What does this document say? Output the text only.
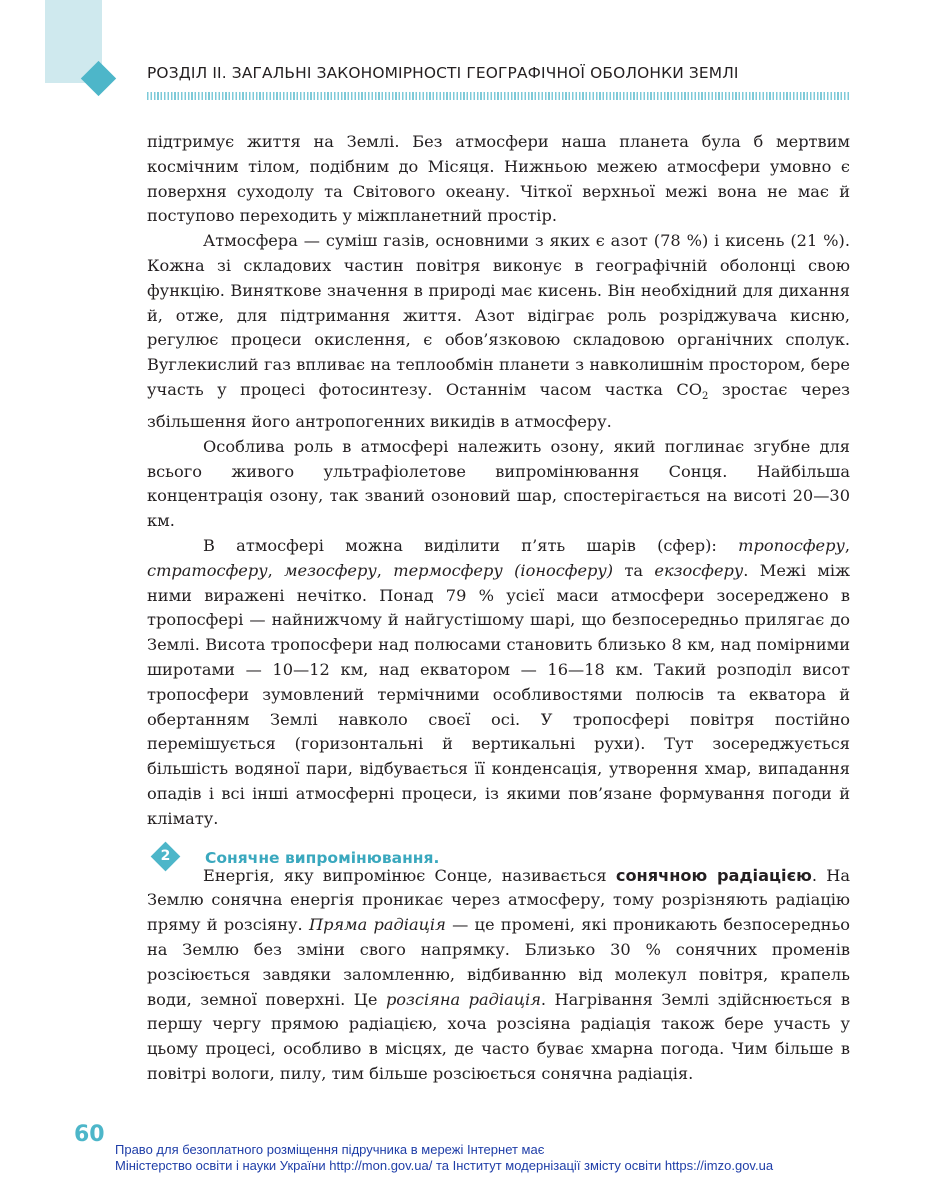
РОЗДІЛ ІІ. ЗАГАЛЬНІ ЗАКОНОМІРНОСТІ ГЕОГРАФІЧНОЇ ОБОЛОНКИ ЗЕМЛІ

підтримує життя на Землі. Без атмосфери наша планета була б мертвим космічним тілом, подібним до Місяця. Нижньою межею атмосфери умовно є поверхня суходолу та Світового океану. Чіткої верхньої межі вона не має й поступово переходить у міжпланетний простір.

Атмосфера — суміш газів, основними з яких є азот (78 %) і кисень (21 %). Кожна зі складових частин повітря виконує в географічній оболонці свою функцію. Виняткове значення в природі має кисень. Він необхідний для дихання й, отже, для підтримання життя. Азот відіграє роль розріджувача кисню, регулює процеси окислення, є обов’язковою складовою органічних сполук. Вуглекислий газ впливає на теплообмін планети з навколишнім простором, бере участь у процесі фотосинтезу. Останнім часом частка $CO_2$ зростає через збільшення його антропогенних викидів в атмосферу.

Особлива роль в атмосфері належить озону, який поглинає згубне для всього живого ультрафіолетове випромінювання Сонця. Найбільша концентрація озону, так званий озоновий шар, спостерігається на висоті 20—30 км.

В атмосфері можна виділити п’ять шарів (сфер): тропосферу, стратосферу, мезосферу, термосферу (іоносферу) та екзосферу. Межі між ними виражені нечітко. Понад 79 % усієї маси атмосфери зосереджено в тропосфері — найнижчому й найгустішому шарі, що безпосередньо прилягає до Землі. Висота тропосфери над полюсами становить близько 8 км, над помірними широтами — 10—12 км, над екватором — 16—18 км. Такий розподіл висот тропосфери зумовлений термічними особливостями полюсів та екватора й обертанням Землі навколо своєї осі. У тропосфері повітря постійно перемішується (горизонтальні й вертикальні рухи). Тут зосереджується більшість водяної пари, відбувається її конденсація, утворення хмар, випадання опадів і всі інші атмосферні процеси, із якими пов’язане формування погоди й клімату.

2	Сонячне випромінювання.

Енергія, яку випромінює Сонце, називається сонячною радіацією. На Землю сонячна енергія проникає через атмосферу, тому розрізняють радіацію пряму й розсіяну. Пряма радіація — це промені, які проникають безпосередньо на Землю без зміни свого напрямку. Близько 30 % сонячних променів розсіюється завдяки заломленню, відбиванню від молекул повітря, крапель води, земної поверхні. Це розсіяна радіація. Нагрівання Землі здійснюється в першу чергу прямою радіацією, хоча розсіяна радіація також бере участь у цьому процесі, особливо в місцях, де часто буває хмарна погода. Чим більше в повітрі вологи, пилу, тим більше розсіюється сонячна радіація.

60
Право для безоплатного розміщення підручника в мережі Інтернет має
Міністерство освіти і науки України http://mon.gov.ua/ та Інститут модернізації змісту освіти https://imzo.gov.ua
